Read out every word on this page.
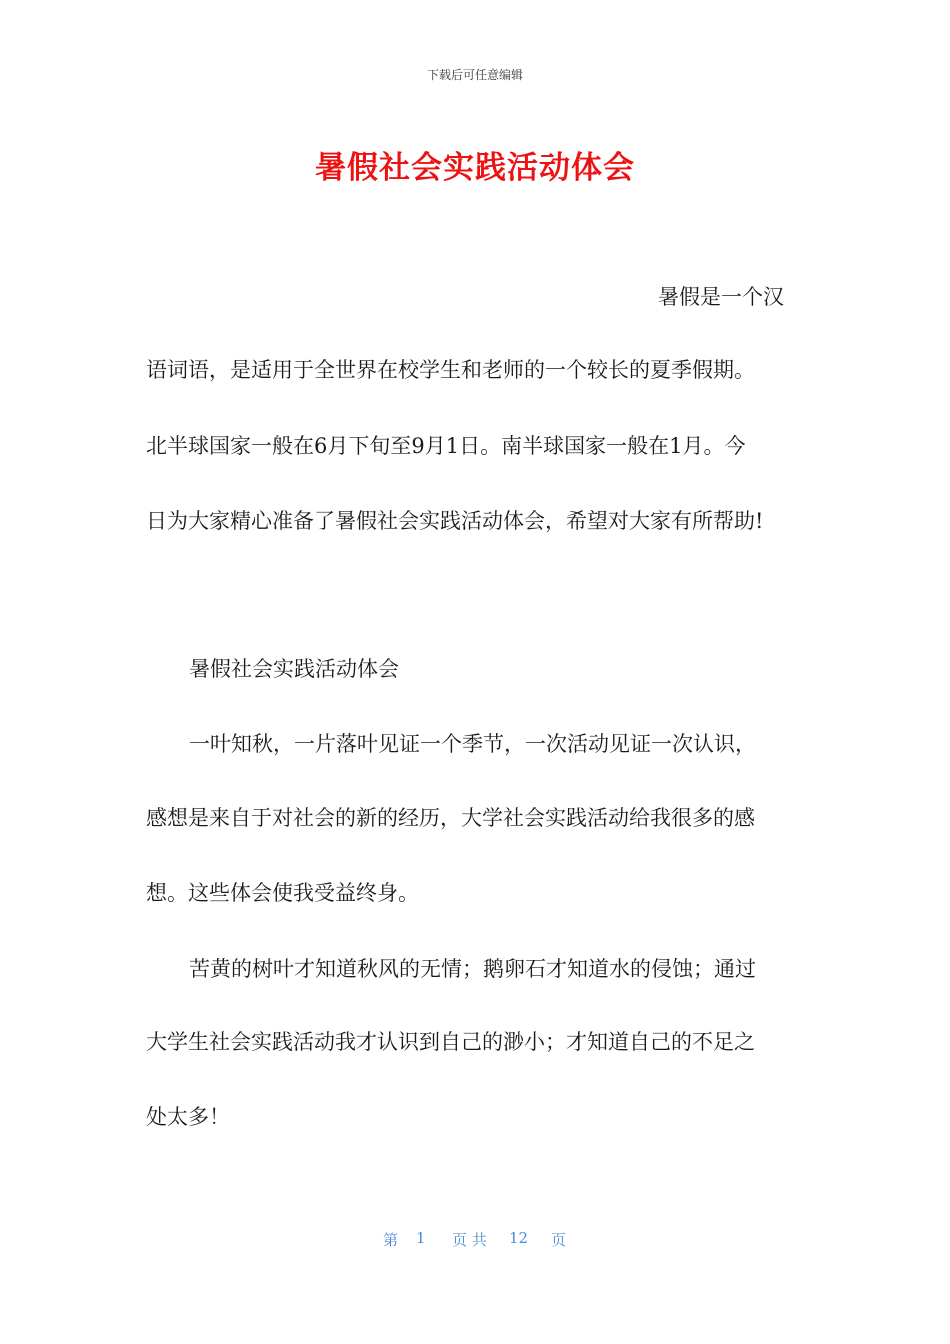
下载后可任意编辑
暑假社会实践活动体会
暑假是一个汉
语词语，是适用于全世界在校学生和老师的一个较长的夏季假期。
北半球国家一般在6月下旬至9月1日。南半球国家一般在1月。今
日为大家精心准备了暑假社会实践活动体会，希望对大家有所帮助!
暑假社会实践活动体会
一叶知秋，一片落叶见证一个季节，一次活动见证一次认识，
感想是来自于对社会的新的经历，大学社会实践活动给我很多的感
想。这些体会使我受益终身。
苦黄的树叶才知道秋风的无情；鹅卵石才知道水的侵蚀；通过
大学生社会实践活动我才认识到自己的渺小；才知道自己的不足之
处太多！
第 1 页 共 12 页
